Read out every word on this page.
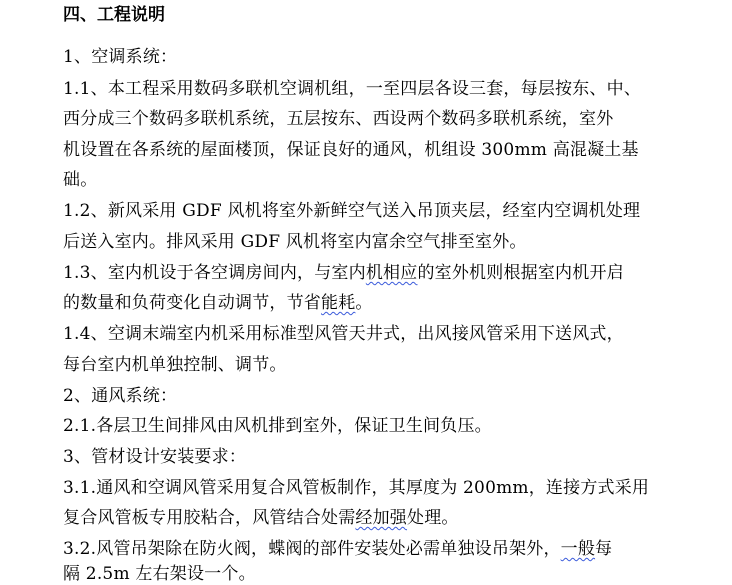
四、工程说明
1、空调系统：
1.1、本工程采用数码多联机空调机组，一至四层各设三套，每层按东、中、
西分成三个数码多联机系统，五层按东、西设两个数码多联机系统，室外
机设置在各系统的屋面楼顶，保证良好的通风，机组设 300mm 高混凝土基
础。
1.2、新风采用 GDF 风机将室外新鲜空气送入吊顶夹层，经室内空调机处理
后送入室内。排风采用 GDF 风机将室内富余空气排至室外。
1.3、室内机设于各空调房间内，与室内机相应的室外机则根据室内机开启
的数量和负荷变化自动调节，节省能耗。
1.4、空调末端室内机采用标准型风管天井式，出风接风管采用下送风式，
每台室内机单独控制、调节。
2、通风系统：
2.1.各层卫生间排风由风机排到室外，保证卫生间负压。
3、管材设计安装要求：
3.1.通风和空调风管采用复合风管板制作，其厚度为 200mm，连接方式采用
复合风管板专用胶粘合，风管结合处需经加强处理。
3.2.风管吊架除在防火阀，蝶阀的部件安装处必需单独设吊架外，一般每
隔 2.5m 左右架设一个。
